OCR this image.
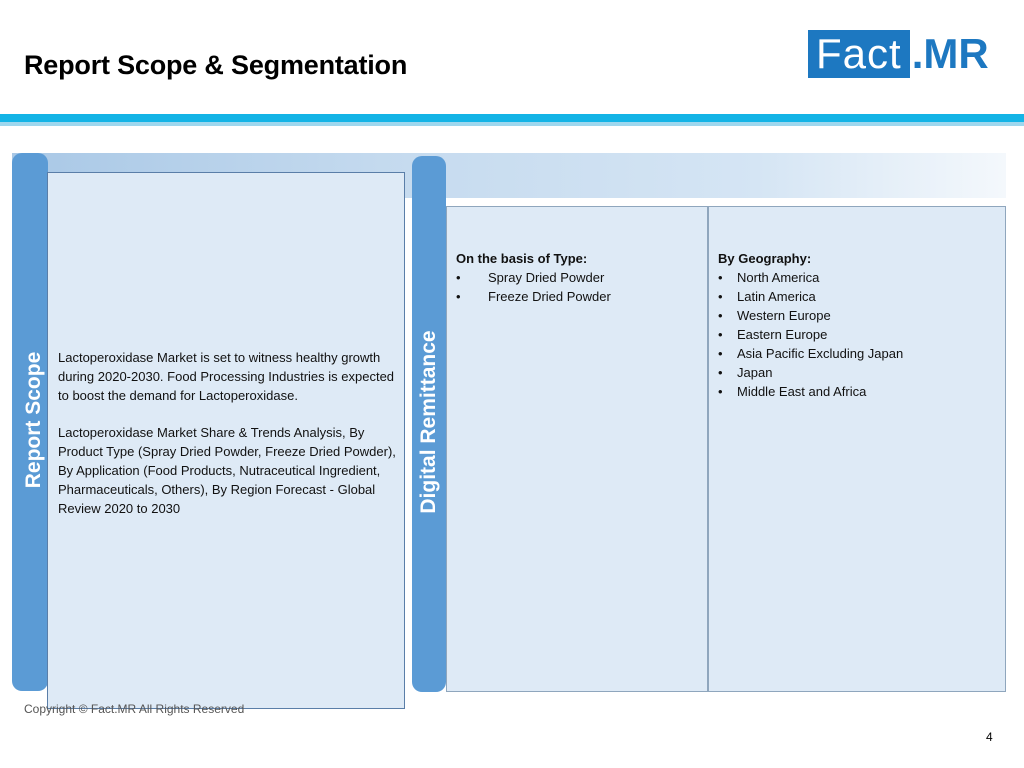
Report Scope & Segmentation	Fact .MR
Report Scope	Digital Remittance

Lactoperoxidase Market is set to witness healthy growth during 2020-2030. Food Processing Industries is expected to boost the demand for Lactoperoxidase.

Lactoperoxidase Market Share & Trends Analysis, By Product Type (Spray Dried Powder, Freeze Dried Powder), By Application (Food Products, Nutraceutical Ingredient, Pharmaceuticals, Others), By Region Forecast - Global Review 2020 to 2030

On the basis of Type:
• Spray Dried Powder
• Freeze Dried Powder
By Geography:
• North America
• Latin America
• Western Europe
• Eastern Europe
• Asia Pacific Excluding Japan
• Japan
• Middle East and Africa
Copyright © Fact.MR All Rights Reserved
4
